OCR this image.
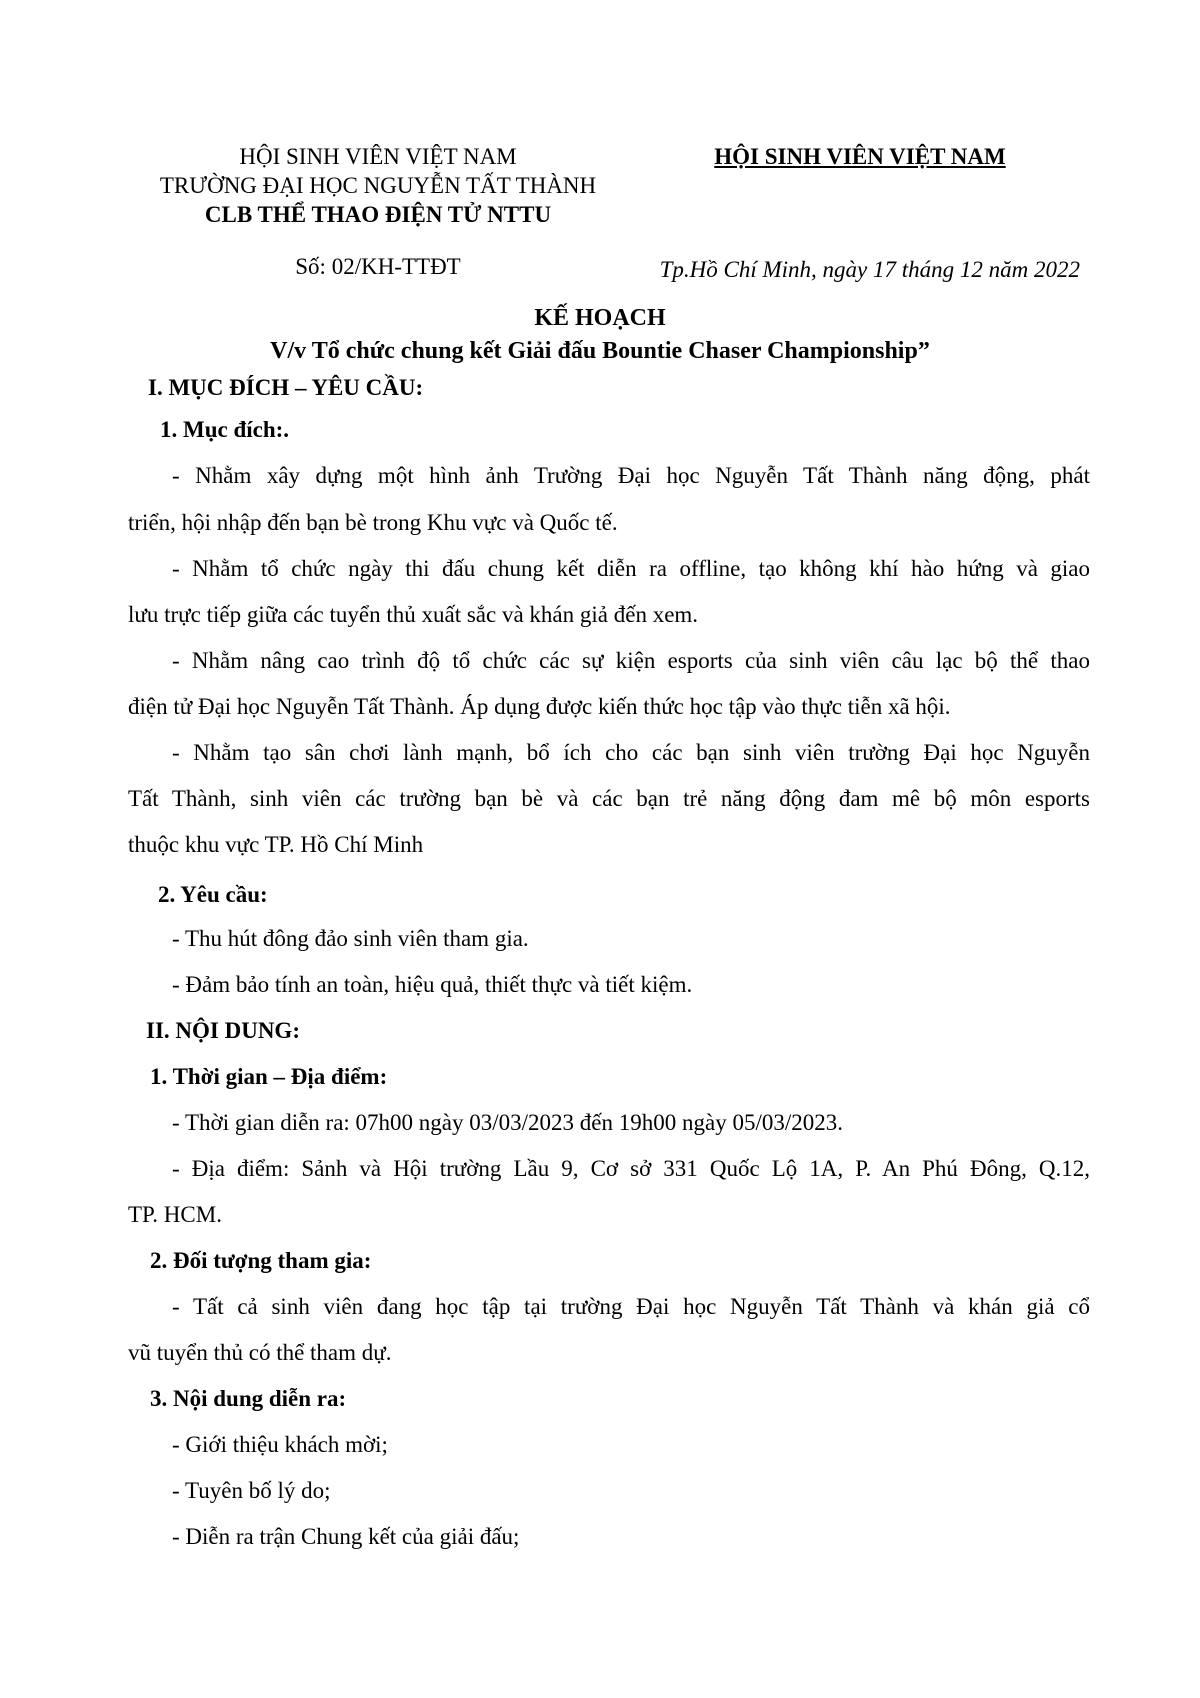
HỘI SINH VIÊN VIỆT NAM
TRƯỜNG ĐẠI HỌC NGUYỄN TẤT THÀNH
CLB THỂ THAO ĐIỆN TỬ NTTU
HỘI SINH VIÊN VIỆT NAM
Số: 02/KH-TTĐT	Tp.Hồ Chí Minh, ngày 17 tháng 12 năm 2022
KẾ HOẠCH
V/v Tổ chức chung kết Giải đấu Bountie Chaser Championship”
I. MỤC ĐÍCH – YÊU CẦU:
1. Mục đích:.
- Nhằm xây dựng một hình ảnh Trường Đại học Nguyễn Tất Thành năng động, phát
triển, hội nhập đến bạn bè trong Khu vực và Quốc tế.
- Nhằm tổ chức ngày thi đấu chung kết diễn ra offline, tạo không khí hào hứng và giao
lưu trực tiếp giữa các tuyển thủ xuất sắc và khán giả đến xem.
- Nhằm nâng cao trình độ tổ chức các sự kiện esports của sinh viên câu lạc bộ thể thao
điện tử Đại học Nguyễn Tất Thành. Áp dụng được kiến thức học tập vào thực tiễn xã hội.
- Nhằm tạo sân chơi lành mạnh, bổ ích cho các bạn sinh viên trường Đại học Nguyễn
Tất Thành, sinh viên các trường bạn bè và các bạn trẻ năng động đam mê bộ môn esports
thuộc khu vực TP. Hồ Chí Minh
2. Yêu cầu:
- Thu hút đông đảo sinh viên tham gia.
- Đảm bảo tính an toàn, hiệu quả, thiết thực và tiết kiệm.
II. NỘI DUNG:
1. Thời gian – Địa điểm:
- Thời gian diễn ra: 07h00 ngày 03/03/2023 đến 19h00 ngày 05/03/2023.
- Địa điểm: Sảnh và Hội trường Lầu 9, Cơ sở 331 Quốc Lộ 1A, P. An Phú Đông, Q.12,
TP. HCM.
2. Đối tượng tham gia:
- Tất cả sinh viên đang học tập tại trường Đại học Nguyễn Tất Thành và khán giả cổ
vũ tuyển thủ có thể tham dự.
3. Nội dung diễn ra:
- Giới thiệu khách mời;
- Tuyên bố lý do;
- Diễn ra trận Chung kết của giải đấu;
